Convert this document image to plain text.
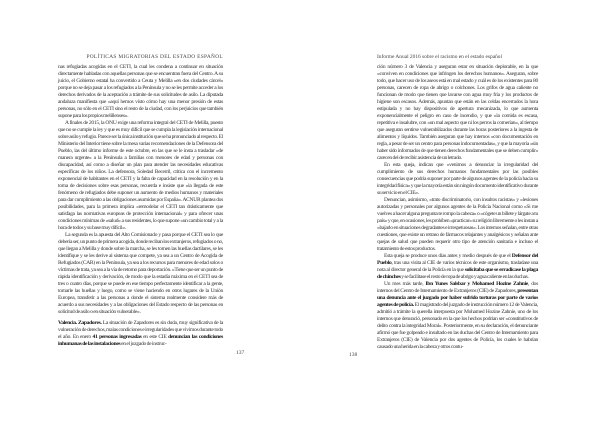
POLÍTICAS MIGRATORIAS DEL ESTADO ESPAÑOL

nas refugiadas acogidas en el CETI, la cual les condena a continuar en situación directamente habladas con aquellas personas que se encuentran fuera del Centro. A su juicio, el Gobierno estatal ha convertido a Ceuta y Melilla «en dos ciudades cárcel» porque no se deja pasar a los refugiados a la Península y no se les permite acceder a los derechos derivados de la aceptación a trámite de sus solicitudes de asilo. La diputada andaluza manifiesta que «aquí hemos visto cómo hay una menor presión de estas personas, no sólo en el CETI sino el resto de la ciudad, con los perjuicios que también supone para los propios melillenses».

A finales de 2015, la ONU exige una reforma integral del CETI de Melilla, puesto que no se cumple la ley y que es muy difícil que se cumpla la legislación internacional sobre asilo y refugio. Parece ser la única institución que se ha pronunciado al respecto. El Ministerio del Interior tiene sobre la mesa varias recomendaciones de la Defensora del Pueblo, las del último informe de este octubre, en las que se le insta a trasladar «de manera urgente» a la Península a familias con menores de edad y personas con discapacidad, así como a diseñar un plan para atender las necesidades educativas específicas de los niños. La defensora, Soledad Becerril, critica con el incremento exponencial de habitantes en el CETI y la falta de capacidad en la resolución y en la toma de decisiones sobre esas personas, recuerda e insiste que «la llegada de este fenómeno de refugiados debe suponer un aumento de medios humanos y materiales para dar cumplimiento a las obligaciones asumidas por España». ACNUR plantea dos posibilidades, para la primera implica «remodelar el CETI tan drásticamente que satisfaga las normativas europeas de protección internacional» y para ofrecer unas condiciones mínimas de «salud» a sus residentes, lo que supone «un cambio total y a la hora de todos y su base muy difícil».

La segunda es la apuesta del Alto Comisionado y pasa porque el CETI sea lo que debería ser, un punto de primera acogida, donde reciban los extranjeros, refugiados o no, que llegan a Melilla y donde sobre la marcha, se les tomen las huellas dactilares, se les identifique y se les derive al sistema que compete, ya sea a un Centro de Acogida de Refugiados (CAR) en la Península, ya sea a los recursos para menores de edad solos o víctimas de trata, ya sea a la vía de retorno para deportación. «Tiene que ser un punto de rápida identificación y derivación, de modo que la estadía máxima en el CETI sea de tres o cuatro días, porque se puede en ese tiempo perfectamente identificar a la gente, tomarle las huellas y luego, como se viene haciendo en otros lugares de la Unión Europea, transferir a las personas a donde el sistema realmente considere más de acuerdo a sus necesidades y a las obligaciones del Estado respecto de las personas en solicitud de asilo o en situación vulnerable».

Valencia. Zapadores. La situación de Zapadores es sin duda, muy significativa de la vulneración de derechos, malas condiciones e irregularidades que vivimos durante todo el año. En enero 41 personas ingresadas en este CIE denuncian las condiciones inhumanas de las instalaciones en el juzgado de instruc-

137
Informe Anual 2016 sobre el racismo en el estado español

ción número 3 de Valencia y aseguran estar en situación deplorable, en la que «conviven en condiciones que infringen los derechos humanos». Aseguran, sobre todo, que hacer uso de los aseos está en mal estado y cuál es de los existentes para 80 personas, carecen de ropa de abrigo o colchones. Los grifos de agua caliente no funcionan de modo que tienen que lavarse con agua muy fría y los productos de higiene son escasos. Además, apuntan que están en las celdas encerrados la hora estipulada y no hay dispositivos de apertura mecanizada, lo que aumenta exponencialmente el peligro en caso de incendio, y que «la comida es escasa, repetitiva e insalubre, con «un mal aspecto que ni los perros la comerían», al tiempo que aseguran sentirse vulnerabilizados durante las horas posteriores a la ingesta de alimentos y líquidos. También aseguran que hay internos «con documentación en regla, a pesar de ser un centro para personas indocumentadas», y que la mayoría «sin haber sido informados de que tienen derechos fundamentales que se deben cumplir» carecen del de recibir asistencia de un letrado.

En esta queja, indican que «venimos a denunciar la irregularidad del cumplimiento de sus derechos humanos fundamentales por las posibles consecuencias que podría suponer por parte de algunos agentes de la policía hacia su integridad física» y que la mayoría están sin ningún documento identificativo durante su servicio en el CIE».

Denuncian, asimismo, «trato discriminatorio, con insultos racistas» y «lesiones autorizadas y personales por algunos agentes de la Policía Nacional como «Si me vuelves a hacer alguna pregunta te rompo la cabeza» o «cógete un billete y lárgate a tu país» y que, en ocasiones, les prohíben «practicar» su religión libremente o les instan a «bajarlo en situaciones degradantes e irrespetuosas». Los internos señalan, entre otras cuestiones, que existe un retraso de fármacos relajantes y analgésicos y señalan ante quejas de salud que pueden requerir otro tipo de atención sanitaria e incluso el tratamiento de estos productos.

Esta queja se produce unos días antes y medio después de que el Defensor del Pueblo, tras una visita al CIE de varios técnicos de este organismo, trasladase una nota al director general de la Policía en la que solicitaba que se erradicase la plaga de chinches y se facilitase el resto de ropa de abrigo y agua caliente en las duchas.

Un mes más tarde, Ibn Yunes Salsbar y Mohamed Hozine Zahnie, dos internos del Centro de Internamiento de Extranjeros (CIE) de Zapadores, presentan una denuncia ante el juzgado por haber sufrido torturas por parte de varios agentes de policía. El magistrado del juzgado de instrucción número 12 de Valencia, admitió a trámite la querella interpuesta por Mohamed Hozine Zahnie, uno de los internos que denunció, personado en la que los hechos podrían ser «constitutivos de delito contra la integridad Moral». Posteriormente, en su declaración, el denunciante afirmó que fue golpeado e insultado en las duchas del Centro de Internamiento para Extranjeros (CIE) de Valencia por dos agentes de Policía, los cuales le habrían causado una herida en la cabeza y otros contu-

138
